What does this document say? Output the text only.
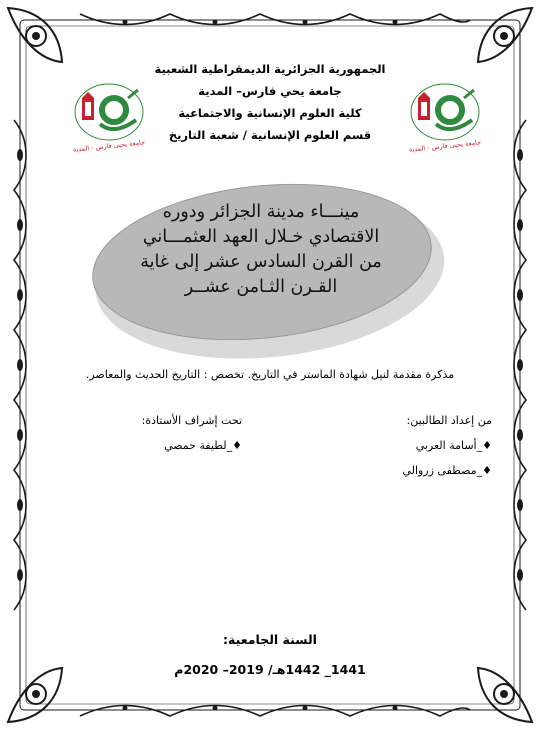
جامعة يحيى فارس - المدية	جامعة يحيى فارس - المدية
الجمهورية الجزائرية الديمقراطية الشعبية
جامعة يحي فارس– المدية
كلية العلوم الإنسانية والاجتماعية
قسم العلوم الإنسانية / شعبة التاريخ
مينـــاء مدينة الجزائر ودوره
الاقتصادي خـلال العهد العثمـــاني
من القرن السادس عشر إلى غاية
القـرن الثـامن عشــر
مذكرة مقدمة لنيل شهادة الماستر في التاريخ. تخصص : التاريخ الحديث والمعاصر.
من إعداد الطالبين:
♦_أسامة العربي
♦_مصطفى زروالي
تحت إشراف الأستاذة:
♦_لطيفة حمصي
السنة الجامعية:
1441_ 1442هـ/ 2019– 2020م
